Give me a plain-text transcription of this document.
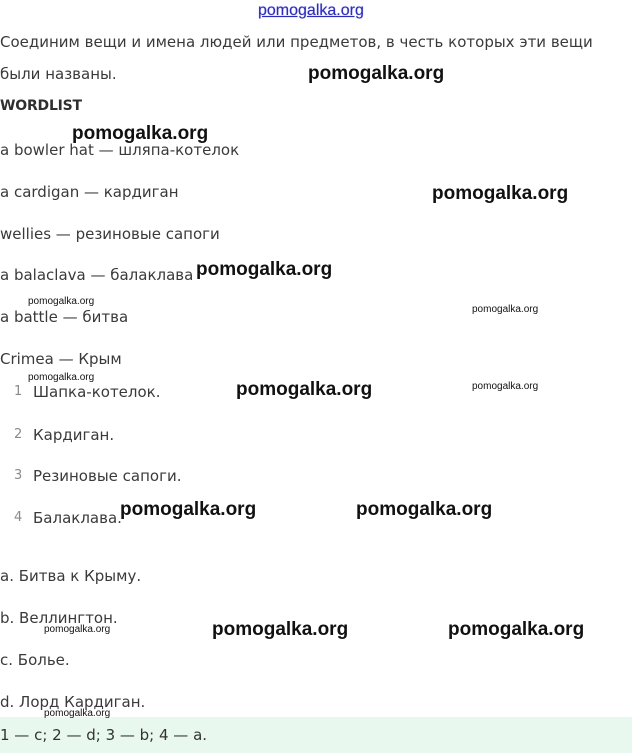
pomogalka.org
Соединим вещи и имена людей или предметов, в честь которых эти вещи
были названы.
WORDLIST
a bowler hat — шляпа-котелок
a cardigan — кардиган
wellies — резиновые сапоги
a balaclava — балаклава
a battle — битва
Crimea — Крым
1 Шапка-котелок.
2 Кардиган.
3 Резиновые сапоги.
4 Балаклава.
a. Битва к Крыму.
b. Веллингтон.
c. Болье.
d. Лорд Кардиган.
1 — c; 2 — d; 3 — b; 4 — a.
pomogalka.org
pomogalka.org
pomogalka.org
pomogalka.org
pomogalka.org
pomogalka.org
pomogalka.org
pomogalka.org	pomogalka.org
pomogalka.org	pomogalka.org
pomogalka.org	pomogalka.org	pomogalka.org
pomogalka.org
